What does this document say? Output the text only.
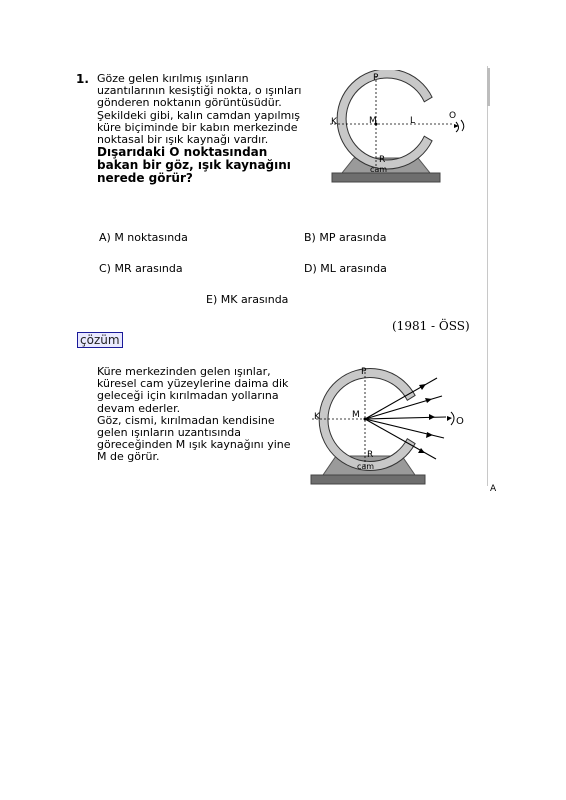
1. Göze gelen kırılmış ışınların uzantılarının kesiştiği nokta, o ışınları gönderen noktanın görüntüsüdür. Şekildeki gibi, kalın camdan yapılmış küre biçiminde bir kabın merkezinde noktasal bir ışık kaynağı vardır.
Dışarıdaki O noktasından bakan bir göz, ışık kaynağını nerede görür?
P
K	M	L
R
cam
O
A) M noktasında	B) MP arasında
C) MR arasında	D) ML arasında
E) MK arasında
(1981 - ÖSS)
çözüm

Küre merkezinden gelen ışınlar, küresel cam yüzeylerine daima dik geleceği için kırılmadan yollarına devam ederler.

Göz, cismi, kırılmadan kendisine gelen ışınların uzantısında göreceğinden M ışık kaynağını yine M de görür.

P
K	M
R
cam
O
A
